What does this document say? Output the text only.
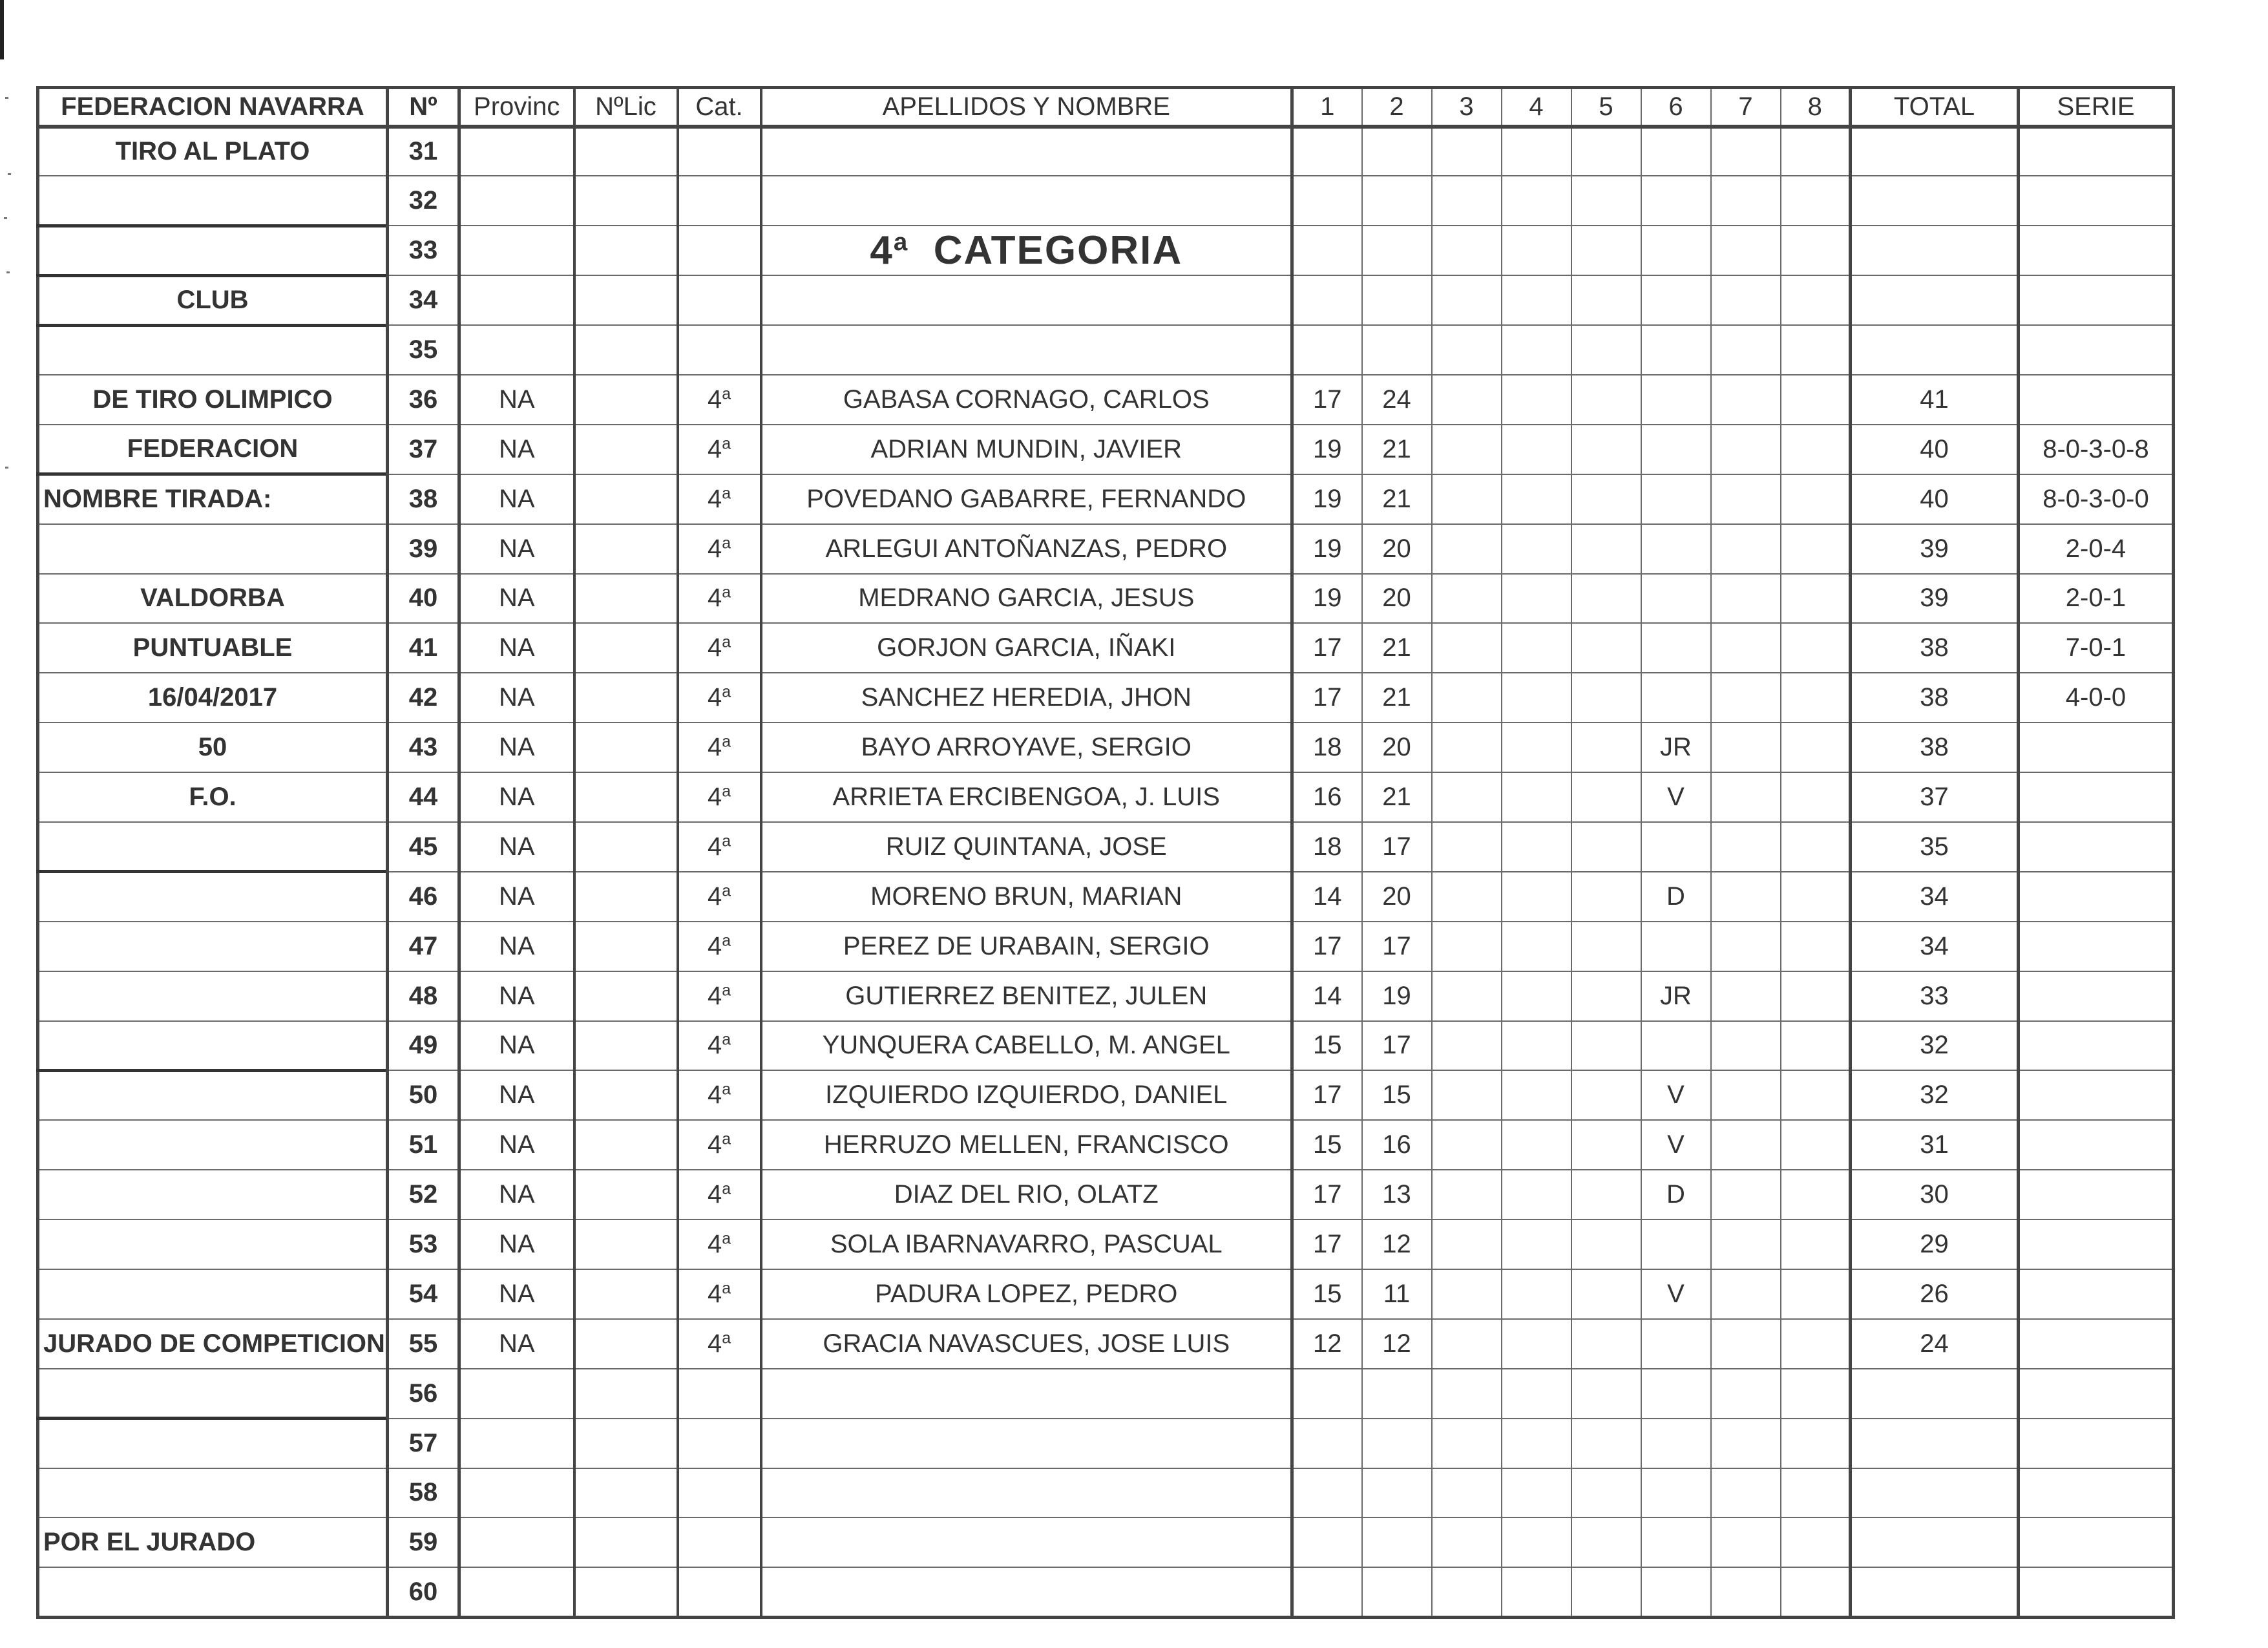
FEDERACION NAVARRA	Nº	Provinc	NºLic	Cat.	APELLIDOS Y NOMBRE	1	2	3	4	5	6	7	8	TOTAL	SERIE
TIRO AL PLATO	31														
	32														
	33				4$^a$ CATEGORIA										
CLUB	34														
	35														
DE TIRO OLIMPICO	36	NA		4$^a$	GABASA CORNAGO, CARLOS	17	24							41	
FEDERACION	37	NA		4$^a$	ADRIAN MUNDIN, JAVIER	19	21							40	8-0-3-0-8
NOMBRE TIRADA:	38	NA		4$^a$	POVEDANO GABARRE, FERNANDO	19	21							40	8-0-3-0-0
	39	NA		4$^a$	ARLEGUI ANTOÑANZAS, PEDRO	19	20							39	2-0-4
VALDORBA	40	NA		4$^a$	MEDRANO GARCIA, JESUS	19	20							39	2-0-1
PUNTUABLE	41	NA		4$^a$	GORJON GARCIA, IÑAKI	17	21							38	7-0-1
16/04/2017	42	NA		4$^a$	SANCHEZ HEREDIA, JHON	17	21							38	4-0-0
50	43	NA		4$^a$	BAYO ARROYAVE, SERGIO	18	20				JR			38	
F.O.	44	NA		4$^a$	ARRIETA ERCIBENGOA, J. LUIS	16	21				V			37	
	45	NA		4$^a$	RUIZ QUINTANA, JOSE	18	17							35	
	46	NA		4$^a$	MORENO BRUN, MARIAN	14	20				D			34	
	47	NA		4$^a$	PEREZ DE URABAIN, SERGIO	17	17							34	
	48	NA		4$^a$	GUTIERREZ BENITEZ, JULEN	14	19				JR			33	
	49	NA		4$^a$	YUNQUERA CABELLO, M. ANGEL	15	17							32	
	50	NA		4$^a$	IZQUIERDO IZQUIERDO, DANIEL	17	15				V			32	
	51	NA		4$^a$	HERRUZO MELLEN, FRANCISCO	15	16				V			31	
	52	NA		4$^a$	DIAZ DEL RIO, OLATZ	17	13				D			30	
	53	NA		4$^a$	SOLA IBARNAVARRO, PASCUAL	17	12							29	
	54	NA		4$^a$	PADURA LOPEZ, PEDRO	15	11				V			26	
JURADO DE COMPETICION	55	NA		4$^a$	GRACIA NAVASCUES, JOSE LUIS	12	12							24	
	56														
	57														
	58														
POR EL JURADO	59														
	60														
